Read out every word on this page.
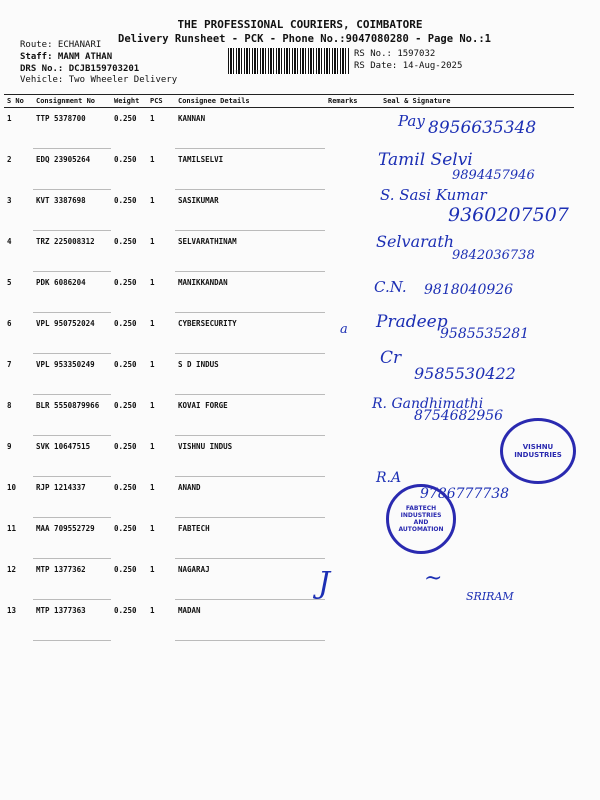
THE PROFESSIONAL COURIERS, COIMBATORE
Delivery Runsheet - PCK - Phone No.:9047080280 - Page No.:1
Route: ECHANARI
Staff: MANM ATHAN
DRS No.: DCJB159703201
Vehicle: Two Wheeler Delivery
RS No.: 1597032
RS Date: 14-Aug-2025
S No	Consignment No	Weight	PCS	Consignee Details	Remarks	Seal & Signature
1	TTP 5378700	0.250	1	KANNAN		
2	EDQ 23905264	0.250	1	TAMILSELVI		
3	KVT 3387698	0.250	1	SASIKUMAR		
4	TRZ 225008312	0.250	1	SELVARATHINAM		
5	PDK 6086204	0.250	1	MANIKKANDAN		
6	VPL 950752024	0.250	1	CYBERSECURITY		
7	VPL 953350249	0.250	1	S D INDUS		
8	BLR 5550879966	0.250	1	KOVAI FORGE		
9	SVK 10647515	0.250	1	VISHNU INDUS		
10	RJP 1214337	0.250	1	ANAND		
11	MAA 709552729	0.250	1	FABTECH		
12	MTP 1377362	0.250	1	NAGARAJ		
13	MTP 1377363	0.250	1	MADAN		
Pay 8956635348
Tamil Selvi
9894457946
S. Sasi Kumar
9360207507
Selvarath
9842036738
C.N. 9818040926
a Pradeep
9585535281
Cr
9585530422
R. Gandhimathi
8754682956
R.A
9786777738
J	~
SRIRAM
VISHNU INDUSTRIES
FABTECH INDUSTRIES AND AUTOMATION
